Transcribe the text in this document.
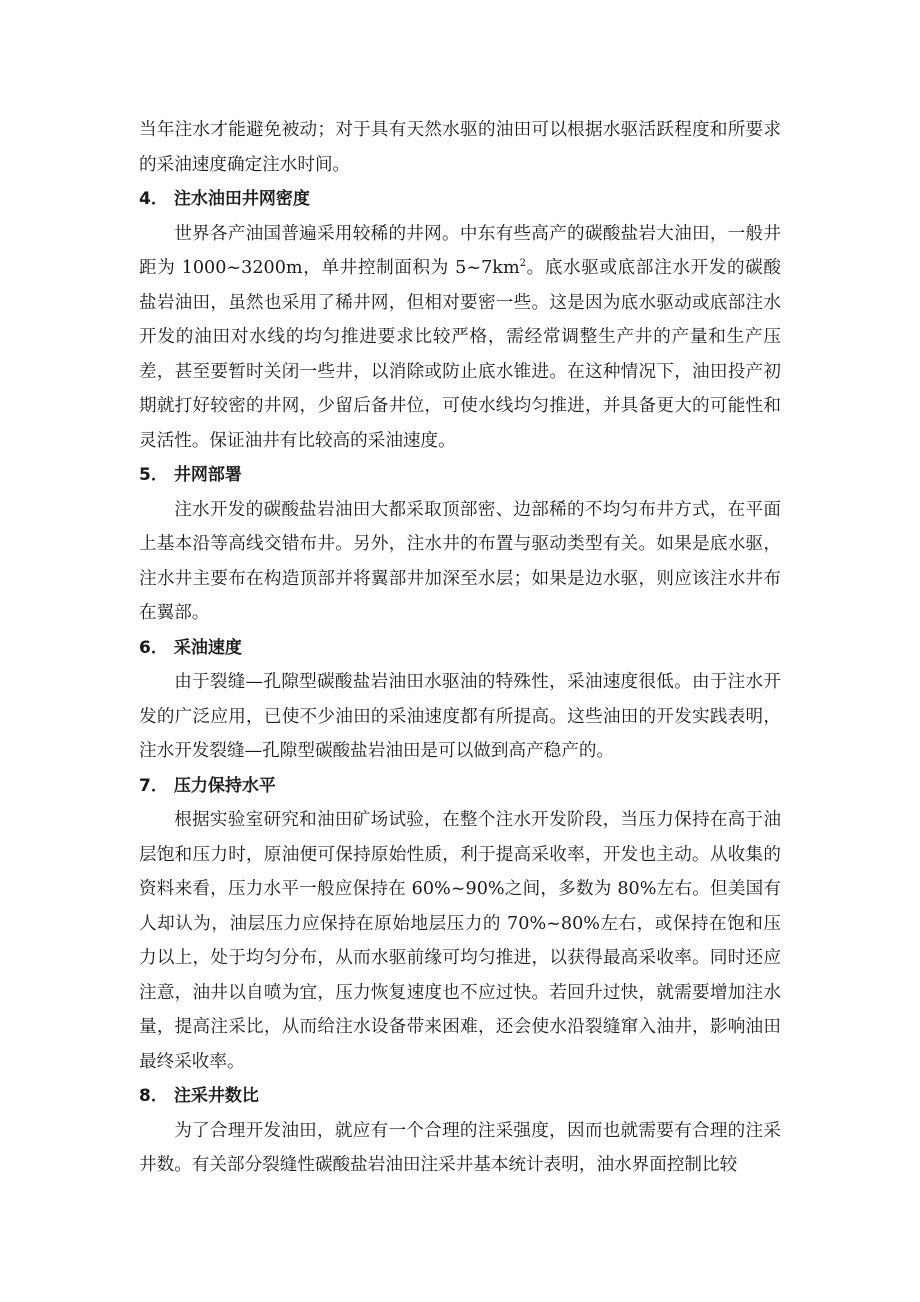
当年注水才能避免被动；对于具有天然水驱的油田可以根据水驱活跃程度和所要求的采油速度确定注水时间。

4． 注水油田井网密度

世界各产油国普遍采用较稀的井网。中东有些高产的碳酸盐岩大油田，一般井距为 1000~3200m，单井控制面积为 $5\sim 7km^2$。底水驱或底部注水开发的碳酸盐岩油田，虽然也采用了稀井网，但相对要密一些。这是因为底水驱动或底部注水开发的油田对水线的均匀推进要求比较严格，需经常调整生产井的产量和生产压差，甚至要暂时关闭一些井，以消除或防止底水锥进。在这种情况下，油田投产初期就打好较密的井网，少留后备井位，可使水线均匀推进，并具备更大的可能性和灵活性。保证油井有比较高的采油速度。

5． 井网部署

注水开发的碳酸盐岩油田大都采取顶部密、边部稀的不均匀布井方式，在平面上基本沿等高线交错布井。另外，注水井的布置与驱动类型有关。如果是底水驱，注水井主要布在构造顶部并将翼部井加深至水层；如果是边水驱，则应该注水井布在翼部。

6． 采油速度

由于裂缝—孔隙型碳酸盐岩油田水驱油的特殊性，采油速度很低。由于注水开发的广泛应用，已使不少油田的采油速度都有所提高。这些油田的开发实践表明，注水开发裂缝—孔隙型碳酸盐岩油田是可以做到高产稳产的。

7． 压力保持水平

根据实验室研究和油田矿场试验，在整个注水开发阶段，当压力保持在高于油层饱和压力时，原油便可保持原始性质，利于提高采收率，开发也主动。从收集的资料来看，压力水平一般应保持在 60%~90%之间，多数为 80%左右。但美国有人却认为，油层压力应保持在原始地层压力的 70%~80%左右，或保持在饱和压力以上，处于均匀分布，从而水驱前缘可均匀推进，以获得最高采收率。同时还应注意，油井以自喷为宜，压力恢复速度也不应过快。若回升过快，就需要增加注水量，提高注采比，从而给注水设备带来困难，还会使水沿裂缝窜入油井，影响油田最终采收率。

8． 注采井数比

为了合理开发油田，就应有一个合理的注采强度，因而也就需要有合理的注采井数。有关部分裂缝性碳酸盐岩油田注采井基本统计表明，油水界面控制比较
